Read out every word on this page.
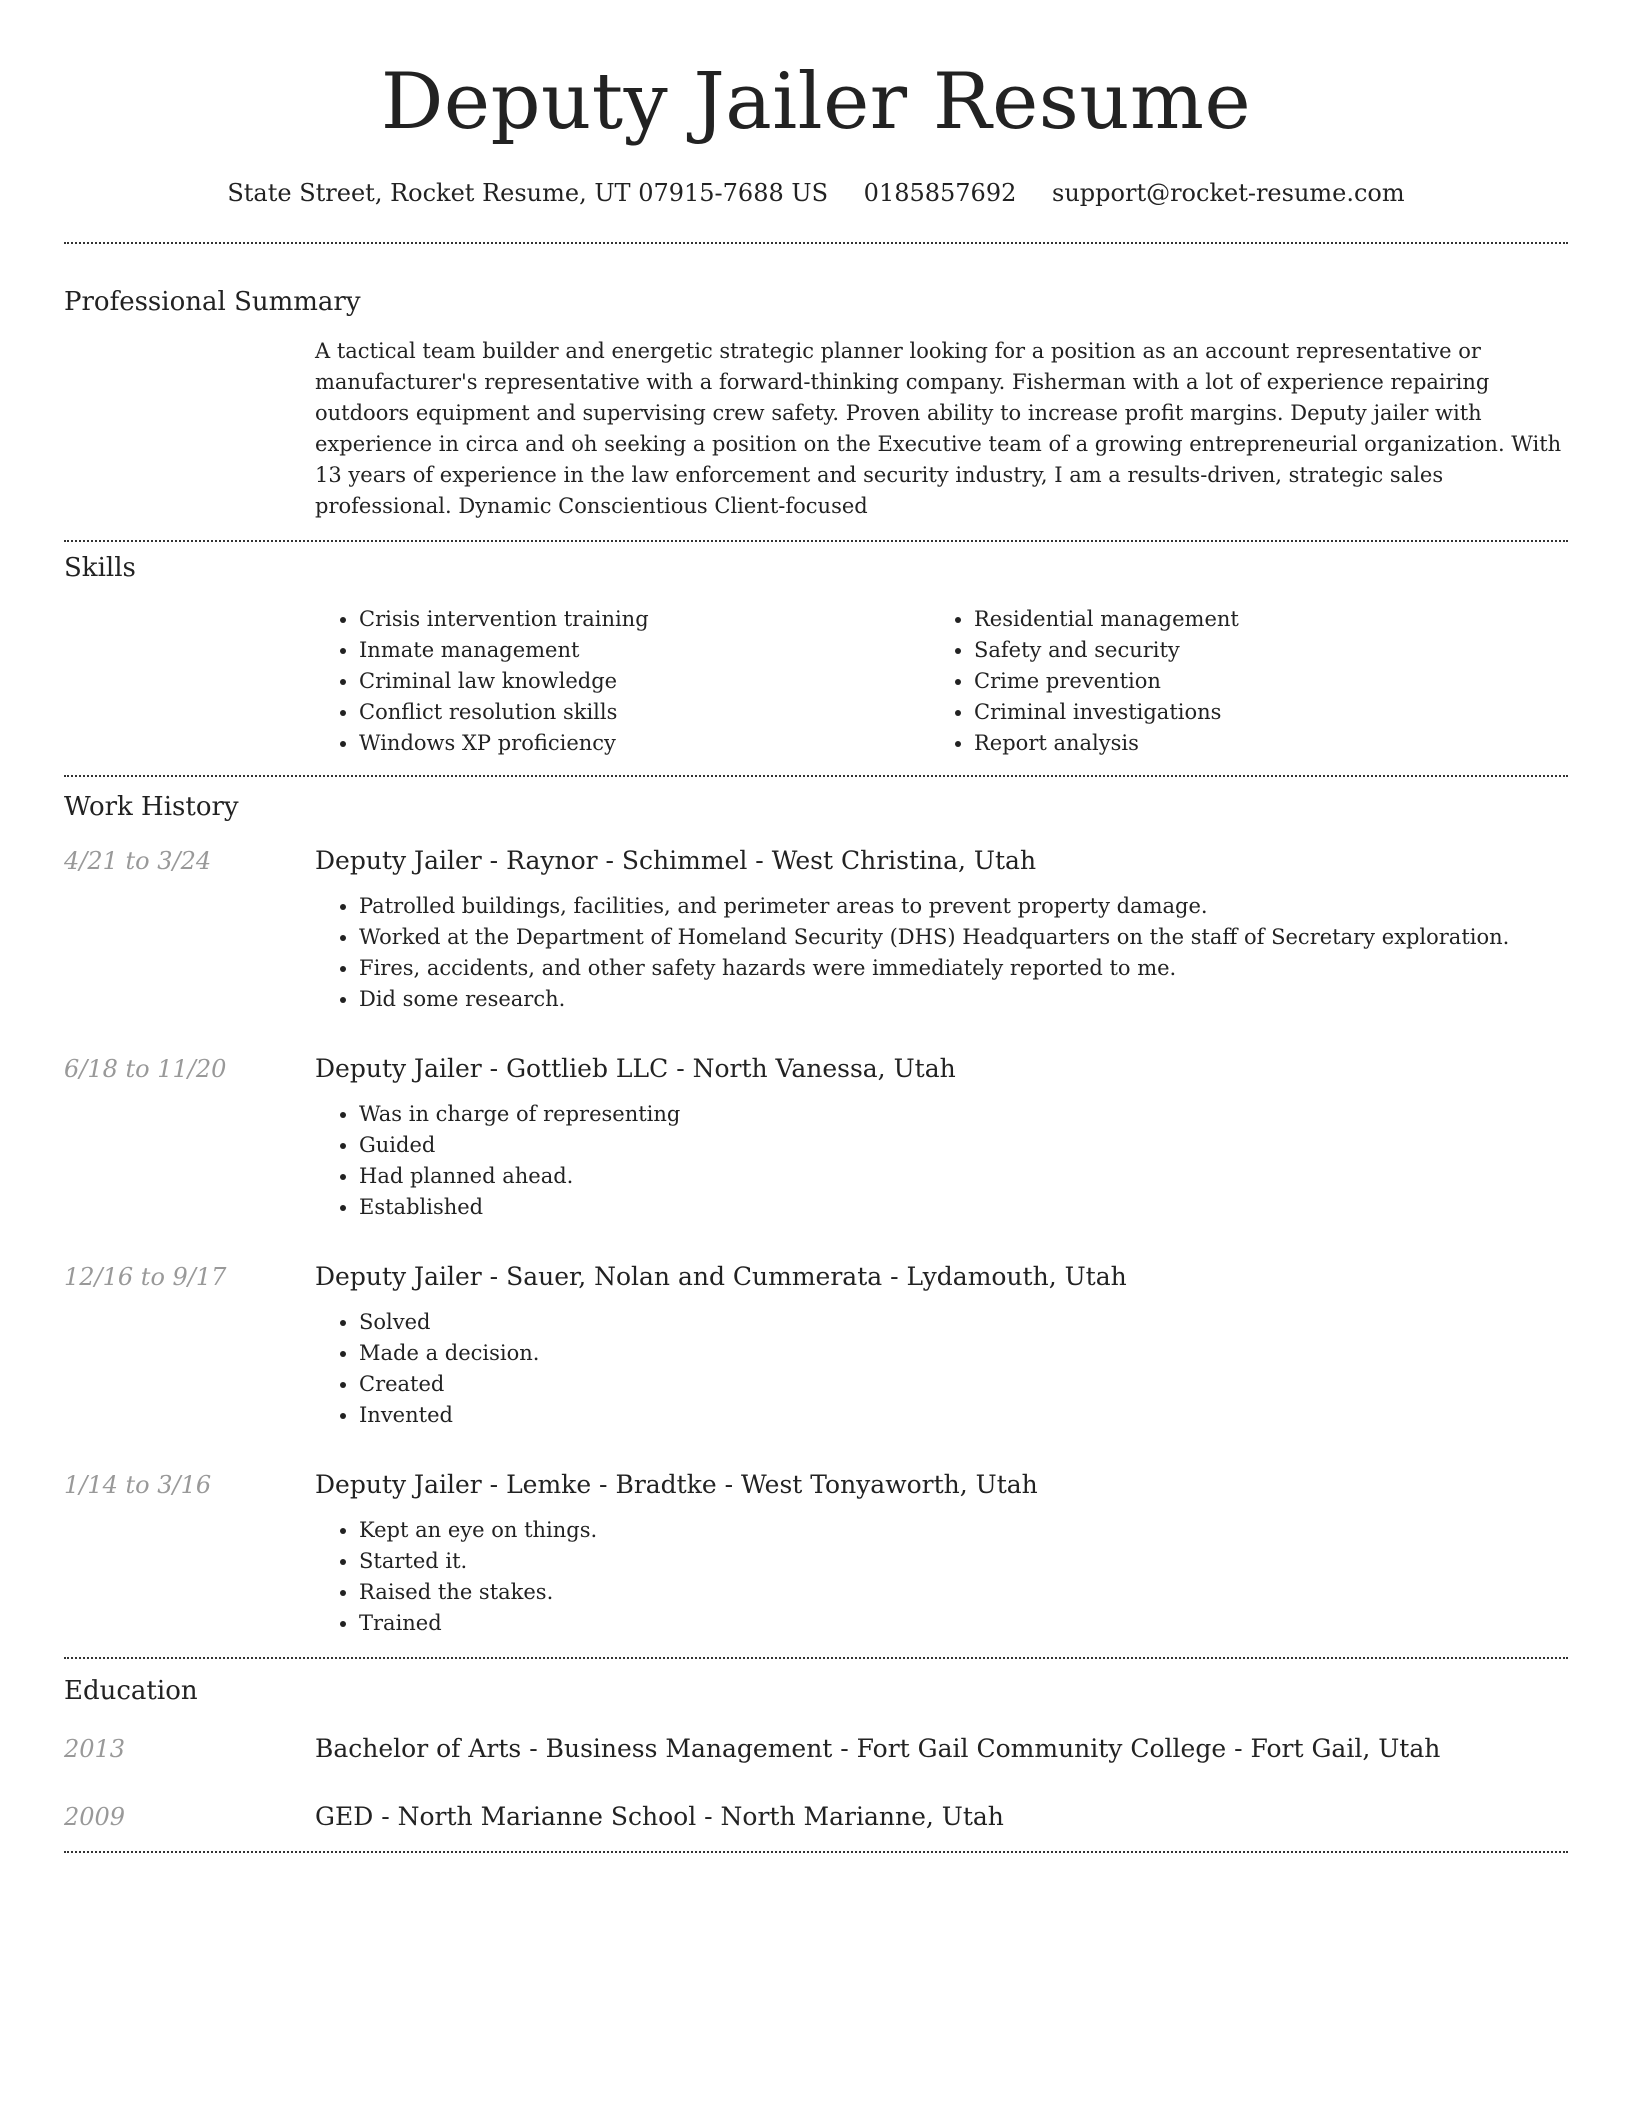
Deputy Jailer Resume
State Street, Rocket Resume, UT 07915-7688 US 0185857692 support@rocket-resume.com
Professional Summary
A tactical team builder and energetic strategic planner looking for a position as an account representative or manufacturer's representative with a forward-thinking company. Fisherman with a lot of experience repairing outdoors equipment and supervising crew safety. Proven ability to increase profit margins. Deputy jailer with experience in circa and oh seeking a position on the Executive team of a growing entrepreneurial organization. With 13 years of experience in the law enforcement and security industry, I am a results-driven, strategic sales professional. Dynamic Conscientious Client-focused
Skills
• Crisis intervention training
• Inmate management
• Criminal law knowledge
• Conflict resolution skills
• Windows XP proficiency
• Residential management
• Safety and security
• Crime prevention
• Criminal investigations
• Report analysis
Work History
4/21 to 3/24	Deputy Jailer - Raynor - Schimmel - West Christina, Utah
• Patrolled buildings, facilities, and perimeter areas to prevent property damage.
• Worked at the Department of Homeland Security (DHS) Headquarters on the staff of Secretary exploration.
• Fires, accidents, and other safety hazards were immediately reported to me.
• Did some research.
6/18 to 11/20	Deputy Jailer - Gottlieb LLC - North Vanessa, Utah
• Was in charge of representing
• Guided
• Had planned ahead.
• Established
12/16 to 9/17	Deputy Jailer - Sauer, Nolan and Cummerata - Lydamouth, Utah
• Solved
• Made a decision.
• Created
• Invented
1/14 to 3/16	Deputy Jailer - Lemke - Bradtke - West Tonyaworth, Utah
• Kept an eye on things.
• Started it.
• Raised the stakes.
• Trained
Education
2013	Bachelor of Arts - Business Management - Fort Gail Community College - Fort Gail, Utah
2009	GED - North Marianne School - North Marianne, Utah
